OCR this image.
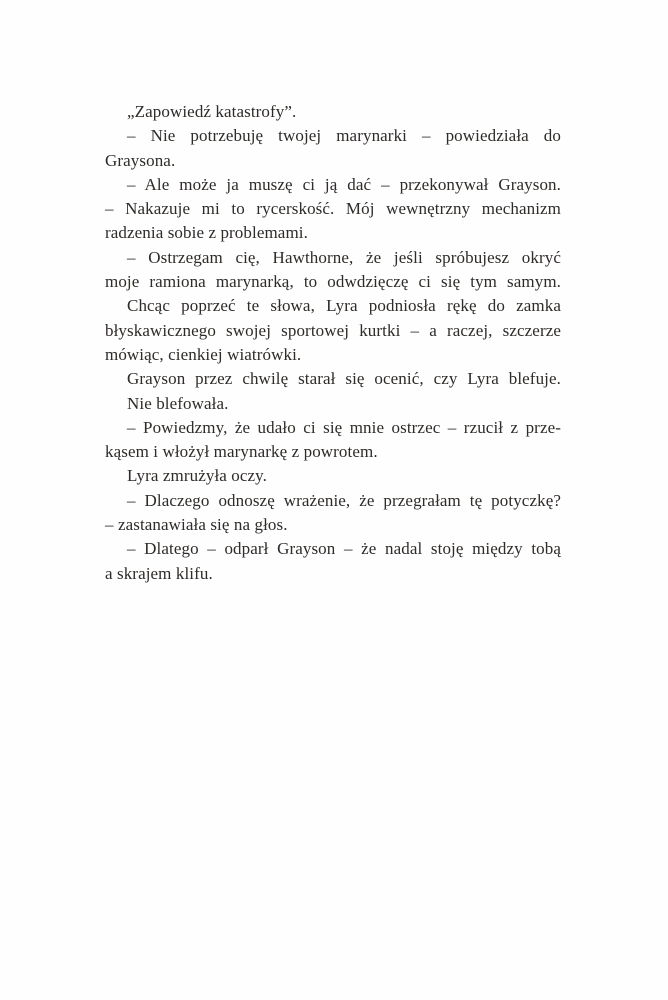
„Zapowiedź katastrofy”.
– Nie potrzebuję twojej marynarki – powiedziała do
Graysona.
– Ale może ja muszę ci ją dać – przekonywał Grayson.
– Nakazuje mi to rycerskość. Mój wewnętrzny mechanizm
radzenia sobie z problemami.
– Ostrzegam cię, Hawthorne, że jeśli spróbujesz okryć
moje ramiona marynarką, to odwdzięczę ci się tym samym.
Chcąc poprzeć te słowa, Lyra podniosła rękę do zamka
błyskawicznego swojej sportowej kurtki – a raczej, szczerze
mówiąc, cienkiej wiatrówki.
Grayson przez chwilę starał się ocenić, czy Lyra blefuje.
Nie blefowała.
– Powiedzmy, że udało ci się mnie ostrzec – rzucił z prze-
kąsem i włożył marynarkę z powrotem.
Lyra zmrużyła oczy.
– Dlaczego odnoszę wrażenie, że przegrałam tę potyczkę?
– zastanawiała się na głos.
– Dlatego – odparł Grayson – że nadal stoję między tobą
a skrajem klifu.
